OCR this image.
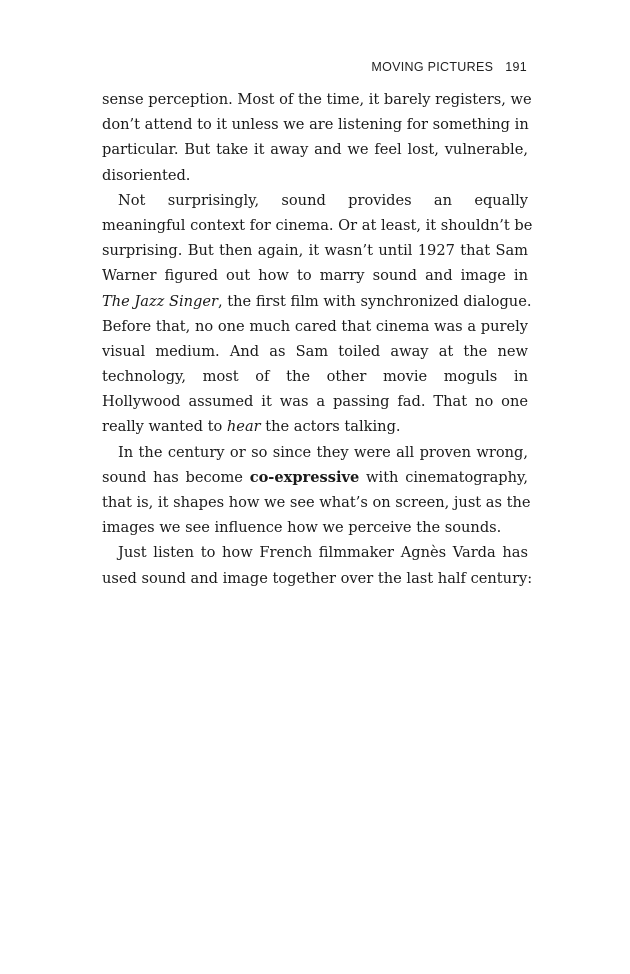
MOVING PICTURES 191
sense perception. Most of the time, it barely registers, we
don’t attend to it unless we are listening for something in
particular. But take it away and we feel lost, vulnerable,
disoriented.
Not surprisingly, sound provides an equally
meaningful context for cinema. Or at least, it shouldn’t be
surprising. But then again, it wasn’t until 1927 that Sam
Warner figured out how to marry sound and image in
The Jazz Singer, the first film with synchronized dialogue.
Before that, no one much cared that cinema was a purely
visual medium. And as Sam toiled away at the new
technology, most of the other movie moguls in
Hollywood assumed it was a passing fad. That no one
really wanted to hear the actors talking.
In the century or so since they were all proven wrong,
sound has become co-expressive with cinematography,
that is, it shapes how we see what’s on screen, just as the
images we see influence how we perceive the sounds.
Just listen to how French filmmaker Agnès Varda has
used sound and image together over the last half century:
